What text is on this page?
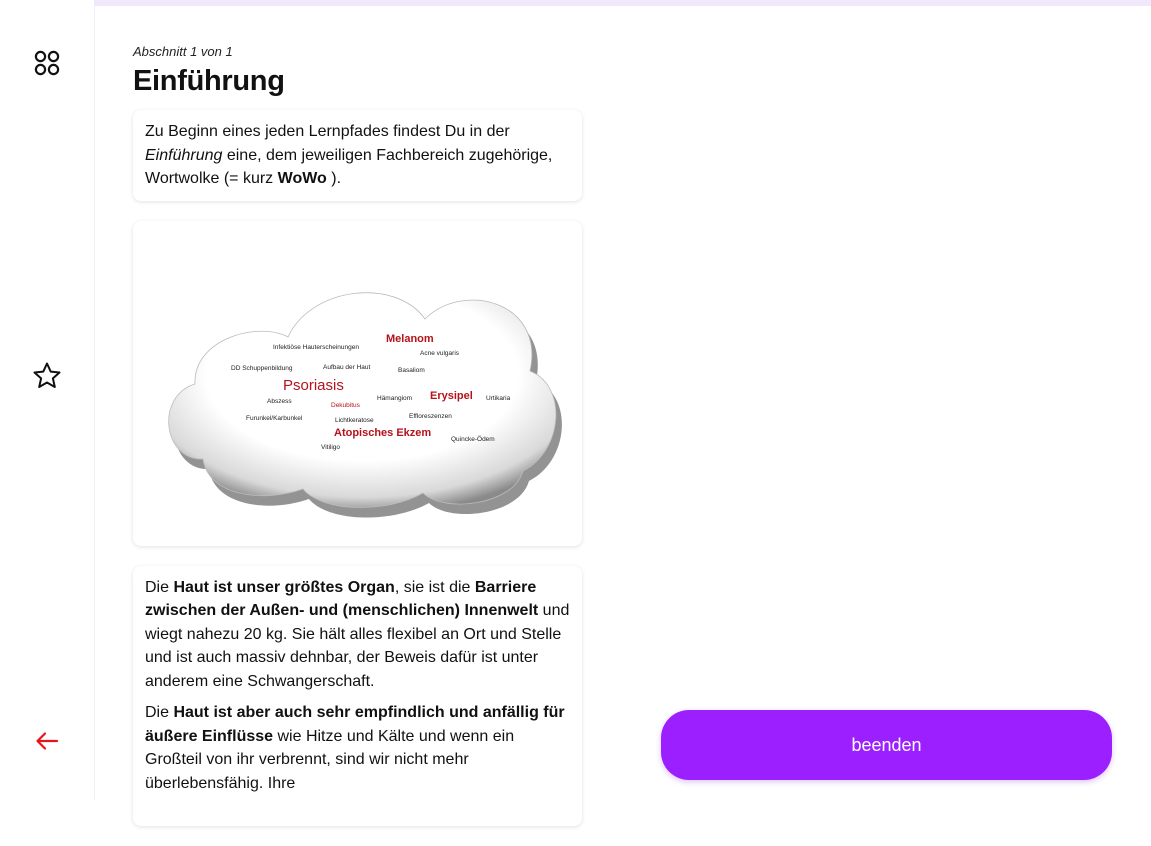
Abschnitt 1 von 1

Einführung

Zu Beginn eines jeden Lernpfades findest Du in der Einführung eine, dem jeweiligen Fachbereich zugehörige, Wortwolke (= kurz WoWo ).

Melanom
Infektiöse Hauterscheinungen
Acne vulgaris
DD Schuppenbildung	Aufbau der Haut	Basaliom
Psoriasis
Abszess
Dekubitus
Hämangiom Erysipel Urtikaria
Furunkel/Karbunkel	Lichtkeratose
Effloreszenzen
Atopisches Ekzem
Quincke-Ödem
Vitiligo

Die Haut ist unser größtes Organ, sie ist die Barriere zwischen der Außen- und (menschlichen) Innenwelt und wiegt nahezu 20 kg. Sie hält alles flexibel an Ort und Stelle und ist auch massiv dehnbar, der Beweis dafür ist unter anderem eine Schwangerschaft.

Die Haut ist aber auch sehr empfindlich und anfällig für äußere Einflüsse wie Hitze und Kälte und wenn ein Großteil von ihr verbrennt, sind wir nicht mehr überlebensfähig. Ihre

beenden
